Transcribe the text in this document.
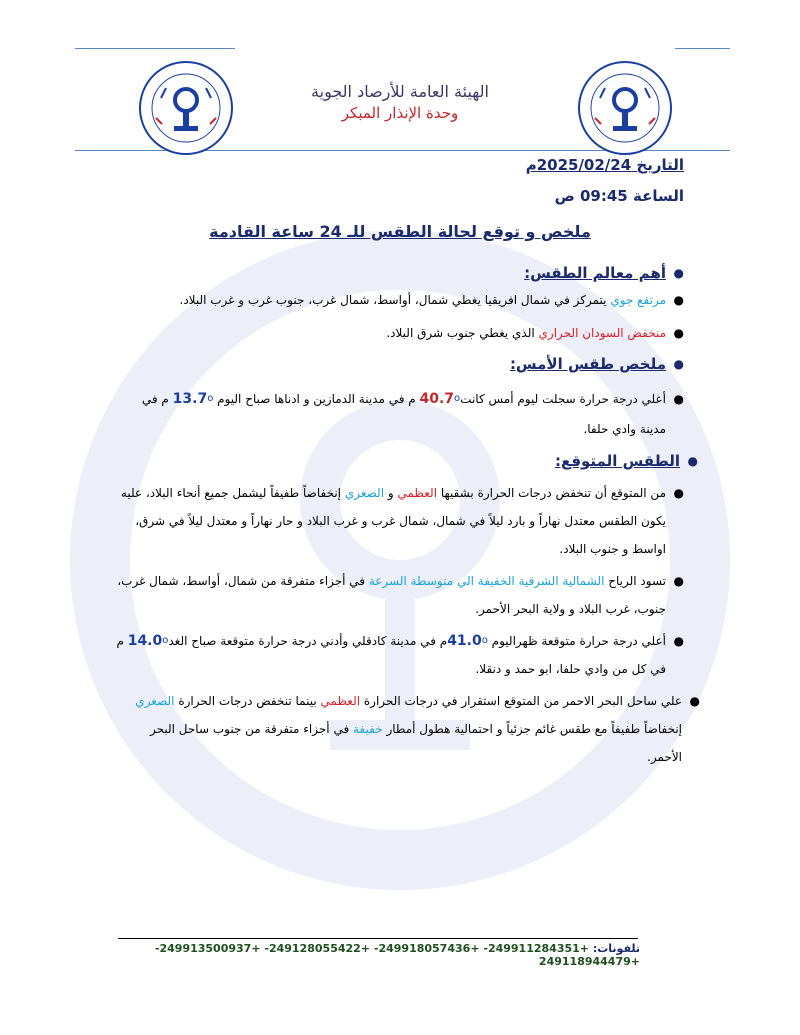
الهيئة العامة للأرصاد الجوية
وحدة الإنذار المبكر
التاريخ 2025/02/24م
الساعة 09:45 ص
ملخص و توقع لحالة الطقس للـ 24 ساعة القادمة
●
أهم معالم الطقس:
●
مرتفع جوي يتمركز في شمال افريقيا يغطي شمال، أواسط، شمال غرب، جنوب غرب و غرب البلاد.
●
منخفض السودان الحراري الذي يغطي جنوب شرق البلاد.
●
ملخص طقس الأمس:
●
أعلي درجة حرارة سجلت ليوم أمس كانت40.7$^o$ م في مدينة الدمازين و ادناها صباح اليوم 13.7$^o$ م في مدينة وادي حلفا.
●
الطقس المتوقع:
●
من المتوقع أن تنخفض درجات الحرارة بشقيها العظمي و الصغري إنخفاضاً طفيفاً ليشمل جميع أنحاء البلاد، عليه يكون الطقس معتدل نهاراً و بارد ليلاً في شمال، شمال غرب و غرب البلاد و حار نهاراً و معتدل ليلاً في شرق، اواسط و جنوب البلاد.
●
تسود الرياح الشمالية الشرقية الخفيفة الي متوسطة السرعة في أجزاء متفرقة من شمال، أواسط، شمال غرب، جنوب، غرب البلاد و ولاية البحر الأحمر.
●
أعلي درجة حرارة متوقعة ظهراليوم 41.0$^o$م في مدينة كادقلي وأدني درجة حرارة متوقعة صباح الغد14.0$^o$ م في كل من وادي حلفا، ابو حمد و دنقلا.
●
علي ساحل البحر الاحمر من المتوقع استقرار في درجات الحرارة العظمي بينما تنخفض درجات الحرارة الصغري إنخفاضاً طفيفاً مع طقس غائم جزئياً و احتمالية هطول أمطار خفيفة في أجزاء متفرقة من جنوب ساحل البحر الأحمر.
تلفونات: +249911284351- +249918057436- +249128055422- +249913500937- +249118944479
